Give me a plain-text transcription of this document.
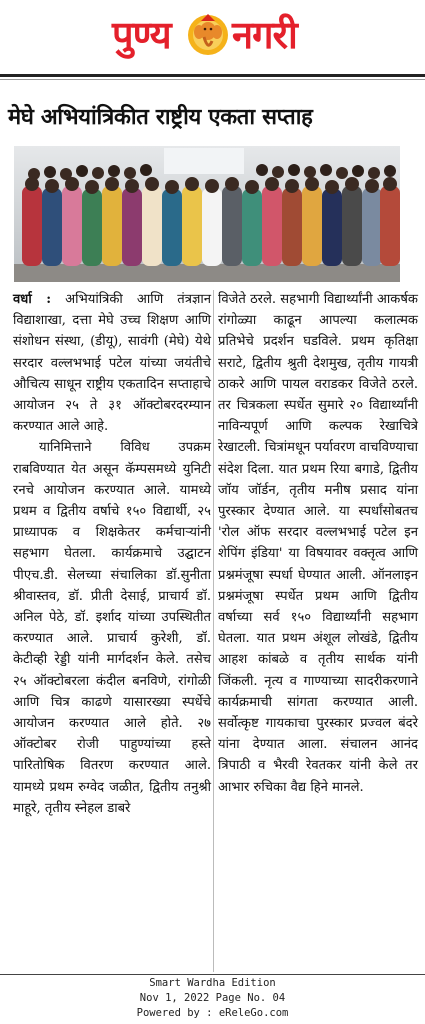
पुण्य नगरी
मेघे अभियांत्रिकीत राष्ट्रीय एकता सप्ताह

वर्धा : अभियांत्रिकी आणि तंत्रज्ञान विद्याशाखा, दत्ता मेघे उच्च शिक्षण आणि संशोधन संस्था, (डीयू), सावंगी (मेघे) येथे सरदार वल्लभभाई पटेल यांच्या जयंतीचे औचित्य साधून राष्ट्रीय एकतादिन सप्ताहाचे आयोजन २५ ते ३१ ऑक्टोबरदरम्यान करण्यात आले आहे.

यानिमित्ताने विविध उपक्रम राबविण्यात येत असून कॅम्पसमध्ये युनिटी रनचे आयोजन करण्यात आले. यामध्ये प्रथम व द्वितीय वर्षाचे १५० विद्यार्थी, २५ प्राध्यापक व शिक्षकेतर कर्मचाऱ्यांनी सहभाग घेतला. कार्यक्रमाचे उद्घाटन पीएच.डी. सेलच्या संचालिका डॉ.सुनीता श्रीवास्तव, डॉ. प्रीती देसाई, प्राचार्य डॉ. अनिल पेठे, डॉ. इर्शाद यांच्या उपस्थितीत करण्यात आले. प्राचार्य कुरेशी, डॉ. केटीव्ही रेड्डी यांनी मार्गदर्शन केले. तसेच २५ ऑक्टोबरला कंदील बनविणे, रांगोळी आणि चित्र काढणे यासारख्या स्पर्धेचे आयोजन करण्यात आले होते. २७ ऑक्टोबर रोजी पाहुण्यांच्या हस्ते पारितोषिक वितरण करण्यात आले. यामध्ये प्रथम रुग्वेद जळीत, द्वितीय तनुश्री माहूरे, तृतीय स्नेहल डाबरे

विजेते ठरले. सहभागी विद्यार्थ्यांनी आकर्षक रांगोळ्या काढून आपल्या कलात्मक प्रतिभेचे प्रदर्शन घडविले. प्रथम कृतिक्षा सराटे, द्वितीय श्रुती देशमुख, तृतीय गायत्री ठाकरे आणि पायल वराडकर विजेते ठरले. तर चित्रकला स्पर्धेत सुमारे २० विद्यार्थ्यांनी नाविन्यपूर्ण आणि कल्पक रेखाचित्रे रेखाटली. चित्रांमधून पर्यावरण वाचविण्याचा संदेश दिला. यात प्रथम रिया बगाडे, द्वितीय जॉय जॉर्डन, तृतीय मनीष प्रसाद यांना पुरस्कार देण्यात आले. या स्पर्धांसोबतच 'रोल ऑफ सरदार वल्लभभाई पटेल इन शेपिंग इंडिया' या विषयावर वक्तृत्व आणि प्रश्नमंजूषा स्पर्धा घेण्यात आली. ऑनलाइन प्रश्नमंजूषा स्पर्धेत प्रथम आणि द्वितीय वर्षाच्या सर्व १५० विद्यार्थ्यांनी सहभाग घेतला. यात प्रथम अंशूल लोखंडे, द्वितीय आहश कांबळे व तृतीय सार्थक यांनी जिंकली. नृत्य व गाण्याच्या सादरीकरणाने कार्यक्रमाची सांगता करण्यात आली. सर्वोत्कृष्ट गायकाचा पुरस्कार प्रज्वल बंदरे यांना देण्यात आला. संचालन आनंद त्रिपाठी व भैरवी रेवतकर यांनी केले तर आभार रुचिका वैद्य हिने मानले.

Smart Wardha Edition
Nov 1, 2022 Page No. 04
Powered by : eReleGo.com
